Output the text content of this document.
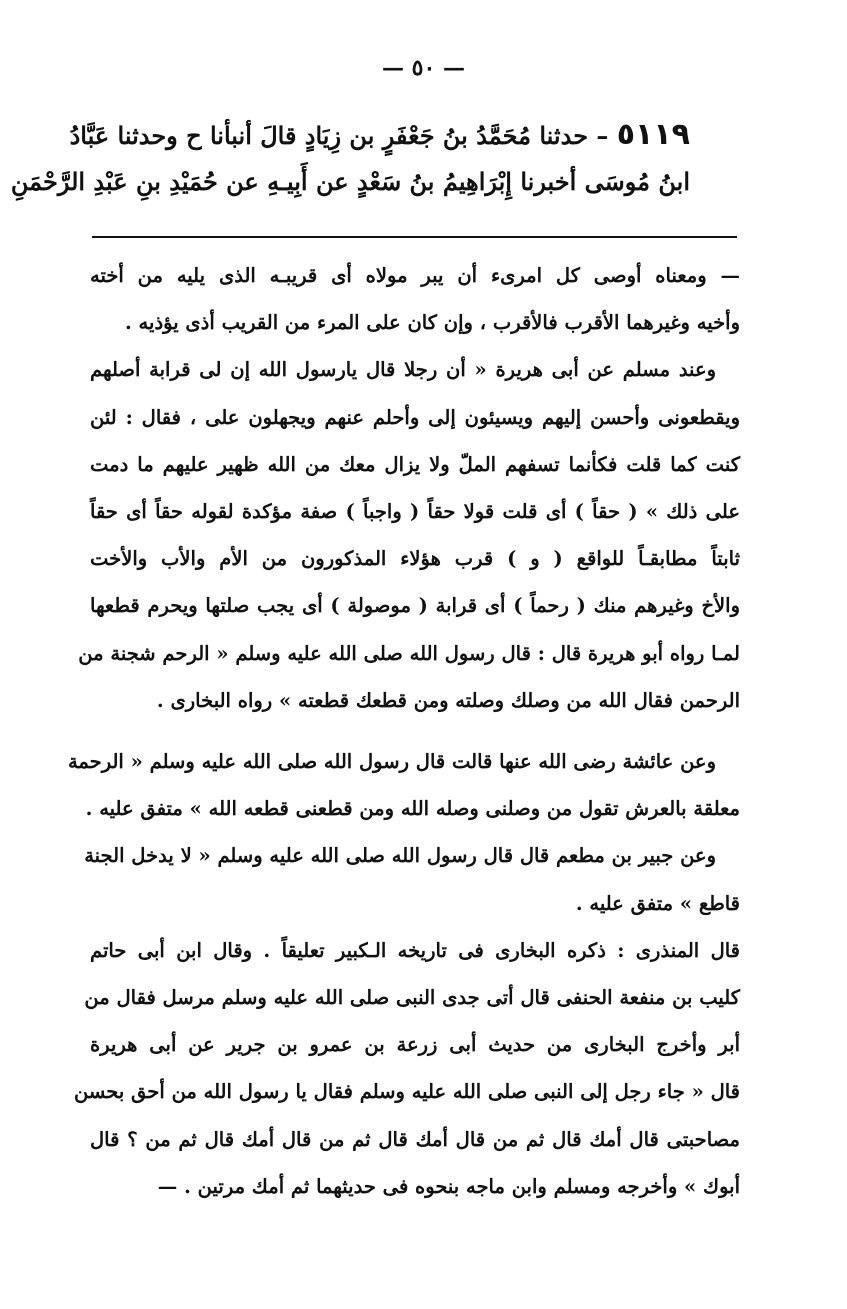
— ٥٠ —
٥١١٩ – حدثنا مُحَمَّدُ بنُ جَعْفَرٍ بن زِيَادٍ قالَ أنبأنا ح وحدثنا عَبَّادُ
ابنُ مُوسَى أخبرنا إِبْرَاهِيمُ بنُ سَعْدٍ عن أَبِيـهِ عن حُمَيْدِ بنِ عَبْدِ الرَّحْمَنِ
— ومعناه أوصى كل امرىء أن يبر مولاه أى قريبـه الذى يليه من أخته
وأخيه وغيرهما الأقرب فالأقرب ، وإن كان على المرء من القريب أذى يؤذيه .
وعند مسلم عن أبى هريرة « أن رجلا قال يارسول الله إن لى قرابة أصلهم
ويقطعونى وأحسن إليهم ويسيئون إلى وأحلم عنهم ويجهلون على ، فقال : لئن
كنت كما قلت فكأنما تسفهم الملّ ولا يزال معك من الله ظهير عليهم ما دمت
على ذلك » ( حقاً ) أى قلت قولا حقاً ( واجباً ) صفة مؤكدة لقوله حقاً أى حقاً
ثابتاً مطابقـاً للواقع ( و ) قرب هؤلاء المذكورون من الأم والأب والأخت
والأخ وغيرهم منك ( رحماً ) أى قرابة ( موصولة ) أى يجب صلتها ويحرم قطعها
لمـا رواه أبو هريرة قال : قال رسول الله صلى الله عليه وسلم « الرحم شجنة من
الرحمن فقال الله من وصلك وصلته ومن قطعك قطعته » رواه البخارى .
وعن عائشة رضى الله عنها قالت قال رسول الله صلى الله عليه وسلم « الرحمة
معلقة بالعرش تقول من وصلنى وصله الله ومن قطعنى قطعه الله » متفق عليه .
وعن جبير بن مطعم قال قال رسول الله صلى الله عليه وسلم « لا يدخل الجنة
قاطع » متفق عليه .
قال المنذرى : ذكره البخارى فى تاريخه الـكبير تعليقاً . وقال ابن أبى حاتم
كليب بن منفعة الحنفى قال أتى جدى النبى صلى الله عليه وسلم مرسل فقال من
أبر وأخرج البخارى من حديث أبى زرعة بن عمرو بن جرير عن أبى هريرة
قال « جاء رجل إلى النبى صلى الله عليه وسلم فقال يا رسول الله من أحق بحسن
مصاحبتى قال أمك قال ثم من قال أمك قال ثم من قال أمك قال ثم من ؟ قال
أبوك » وأخرجه ومسلم وابن ماجه بنحوه فى حديثهما ثم أمك مرتين . —
